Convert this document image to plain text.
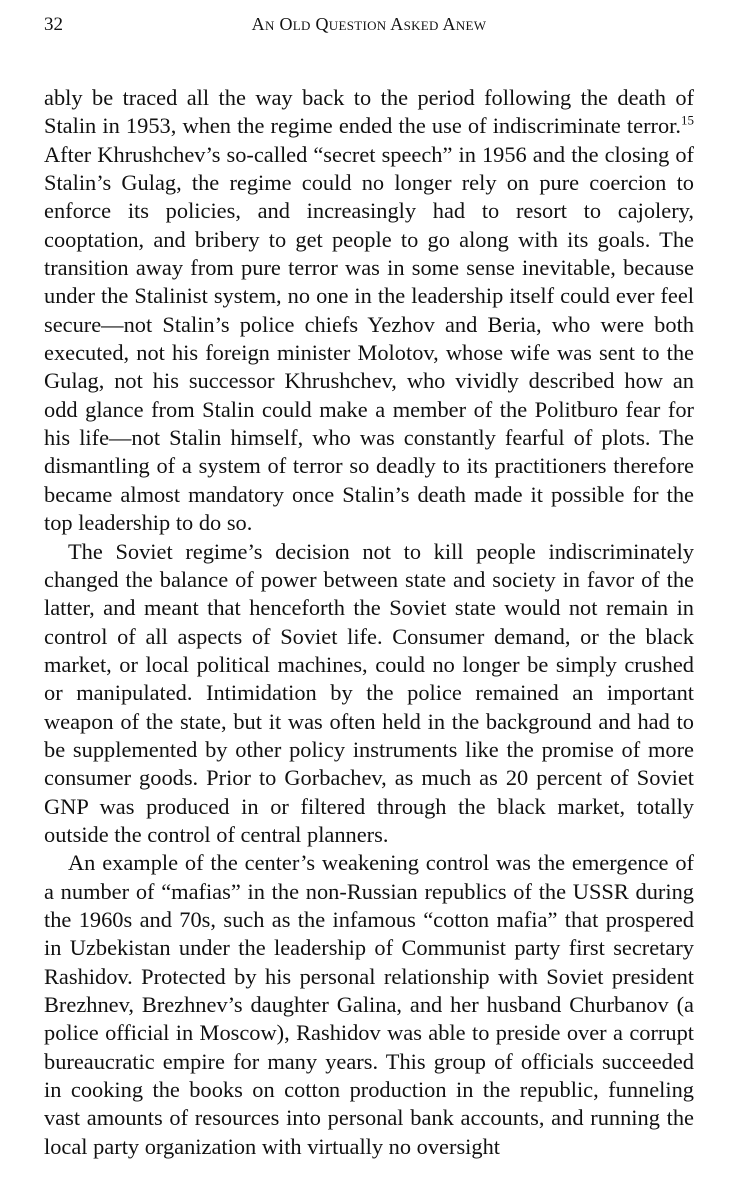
32	An Old Question Asked Anew

ably be traced all the way back to the period following the death of Stalin in 1953, when the regime ended the use of indiscriminate terror.$^{15}$ After Khrushchev’s so-called “secret speech” in 1956 and the closing of Stalin’s Gulag, the regime could no longer rely on pure coercion to enforce its policies, and increasingly had to resort to cajolery, cooptation, and bribery to get people to go along with its goals. The transition away from pure terror was in some sense inevitable, because under the Stalinist system, no one in the leadership itself could ever feel secure—not Stalin’s police chiefs Yezhov and Beria, who were both executed, not his foreign minister Molotov, whose wife was sent to the Gulag, not his successor Khrushchev, who vividly described how an odd glance from Stalin could make a member of the Politburo fear for his life—not Stalin himself, who was constantly fearful of plots. The dismantling of a system of terror so deadly to its practitioners therefore became almost mandatory once Stalin’s death made it possible for the top leadership to do so.

The Soviet regime’s decision not to kill people indiscriminately changed the balance of power between state and society in favor of the latter, and meant that henceforth the Soviet state would not remain in control of all aspects of Soviet life. Consumer demand, or the black market, or local political machines, could no longer be simply crushed or manipulated. Intimidation by the police remained an important weapon of the state, but it was often held in the background and had to be supplemented by other policy instruments like the promise of more consumer goods. Prior to Gorbachev, as much as 20 percent of Soviet GNP was produced in or filtered through the black market, totally outside the control of central planners.

An example of the center’s weakening control was the emergence of a number of “mafias” in the non-Russian republics of the USSR during the 1960s and 70s, such as the infamous “cotton mafia” that prospered in Uzbekistan under the leadership of Communist party first secretary Rashidov. Protected by his personal relationship with Soviet president Brezhnev, Brezhnev’s daughter Galina, and her husband Churbanov (a police official in Moscow), Rashidov was able to preside over a corrupt bureaucratic empire for many years. This group of officials succeeded in cooking the books on cotton production in the republic, funneling vast amounts of resources into personal bank accounts, and running the local party organization with virtually no oversight
